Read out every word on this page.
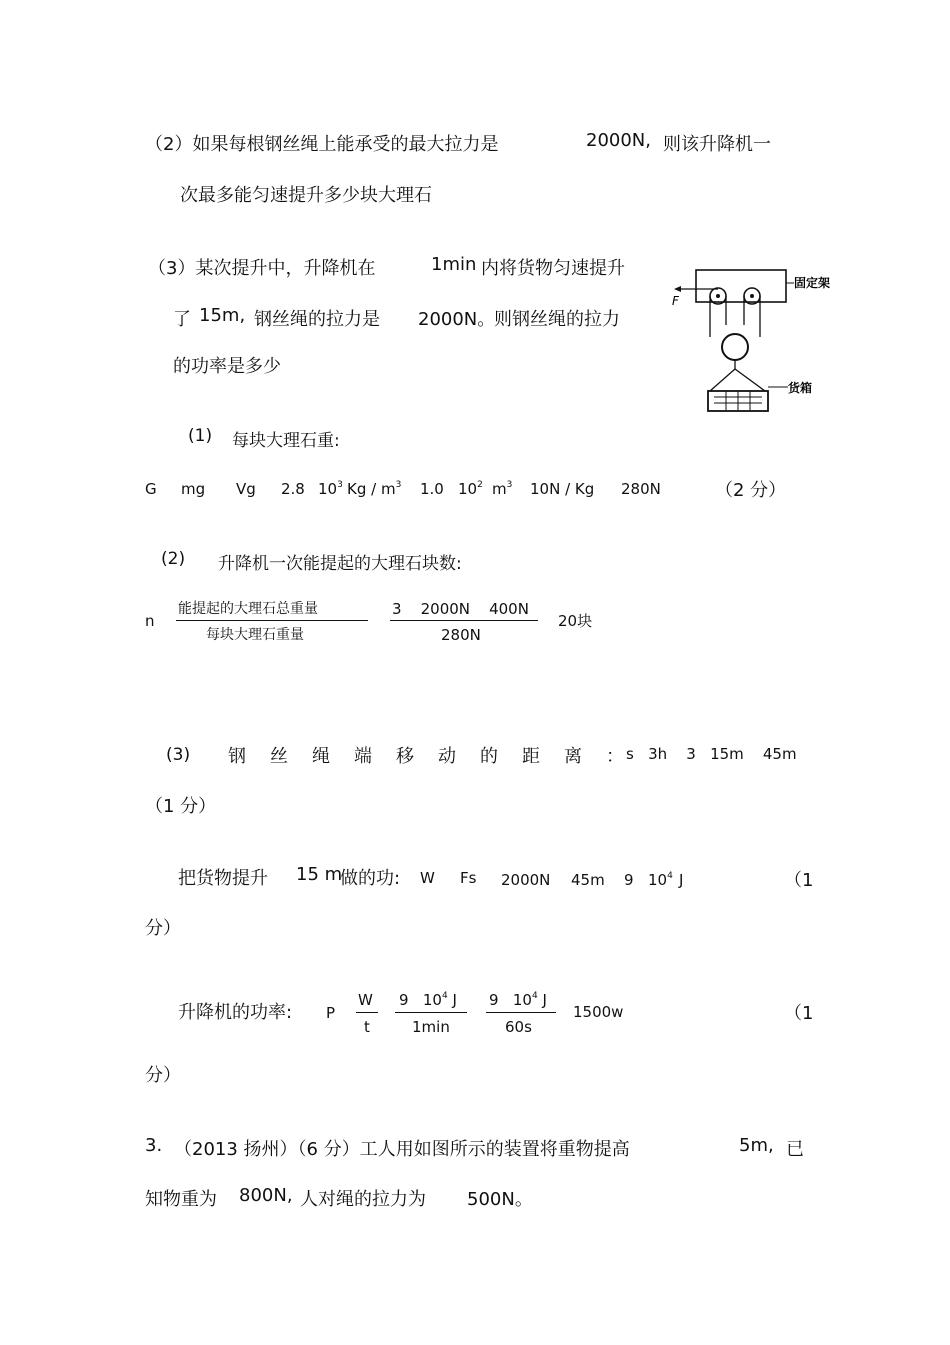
（2）如果每根钢丝绳上能承受的最大拉力是	2000N, 则该升降机一
次最多能匀速提升多少块大理石
（3）某次提升中，升降机在	1min 内将货物匀速提升
了 15m, 钢丝绳的拉力是 2000N。
则钢丝绳的拉力
的功率是多少
F
固定架
货箱
(1) 每块大理石重:
G mg Vg 2.8 $10^3$ Kg / $m^3$ 1.0 $10^2$ $m^3$ 10N / Kg 280N	（2 分）
(2) 升降机一次能提起的大理石块数:
n
能提起的大理石总重量
每块大理石重量
3    2000N    400N
280N
20块
(3) 钢丝绳端移动的距离：
s   3h    3   15m    45m
（1 分）
把货物提升 15 m
做的功: W Fs 2000N 45m 9 $10^4$ J	（1
分）
升降机的功率: P
W
t
9 $10^4$ J
1min
9 $10^4$ J
60s
1500w	（1
分）
3. （2013 扬州）（6 分）工人用如图所示的装置将重物提高	5m, 已
知物重为 800N, 人对绳的拉力为 500N。
